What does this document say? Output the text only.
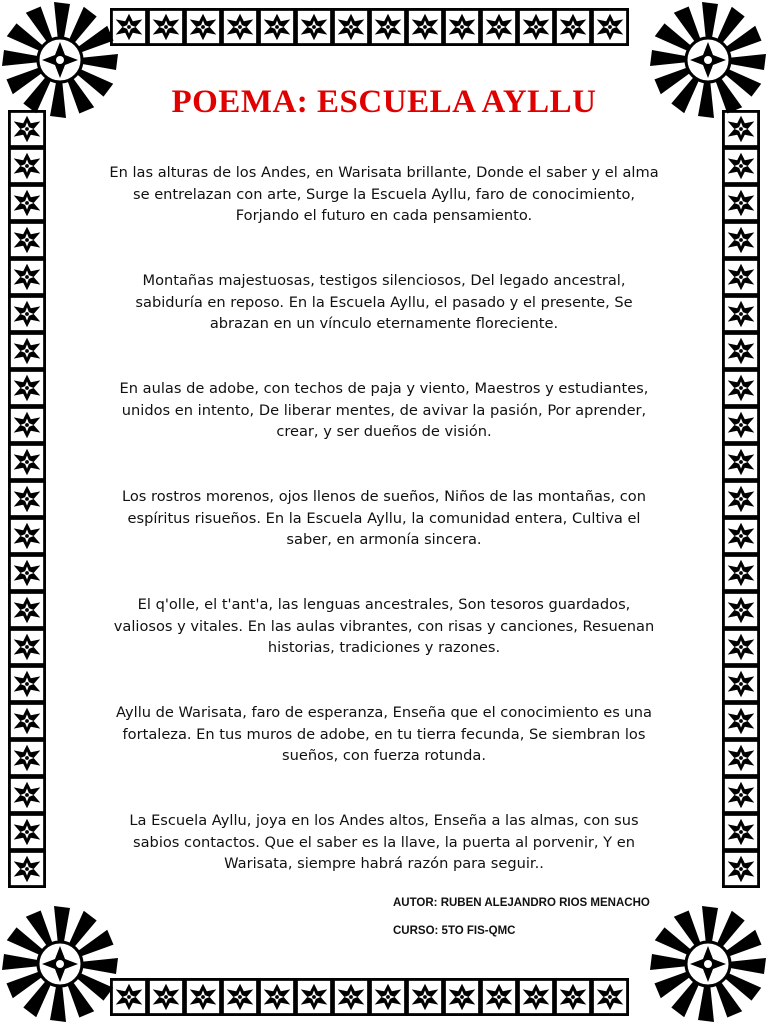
POEMA: ESCUELA AYLLU
En las alturas de los Andes, en Warisata brillante, Donde el saber y el alma se entrelazan con arte, Surge la Escuela Ayllu, faro de conocimiento, Forjando el futuro en cada pensamiento.
Montañas majestuosas, testigos silenciosos, Del legado ancestral, sabiduría en reposo. En la Escuela Ayllu, el pasado y el presente, Se abrazan en un vínculo eternamente floreciente.
En aulas de adobe, con techos de paja y viento, Maestros y estudiantes, unidos en intento, De liberar mentes, de avivar la pasión, Por aprender, crear, y ser dueños de visión.
Los rostros morenos, ojos llenos de sueños, Niños de las montañas, con espíritus risueños. En la Escuela Ayllu, la comunidad entera, Cultiva el saber, en armonía sincera.
El q'olle, el t'ant'a, las lenguas ancestrales, Son tesoros guardados, valiosos y vitales. En las aulas vibrantes, con risas y canciones, Resuenan historias, tradiciones y razones.
Ayllu de Warisata, faro de esperanza, Enseña que el conocimiento es una fortaleza. En tus muros de adobe, en tu tierra fecunda, Se siembran los sueños, con fuerza rotunda.
La Escuela Ayllu, joya en los Andes altos, Enseña a las almas, con sus sabios contactos. Que el saber es la llave, la puerta al porvenir, Y en Warisata, siempre habrá razón para seguir..
AUTOR: RUBEN ALEJANDRO RIOS MENACHO
CURSO: 5TO FIS-QMC
